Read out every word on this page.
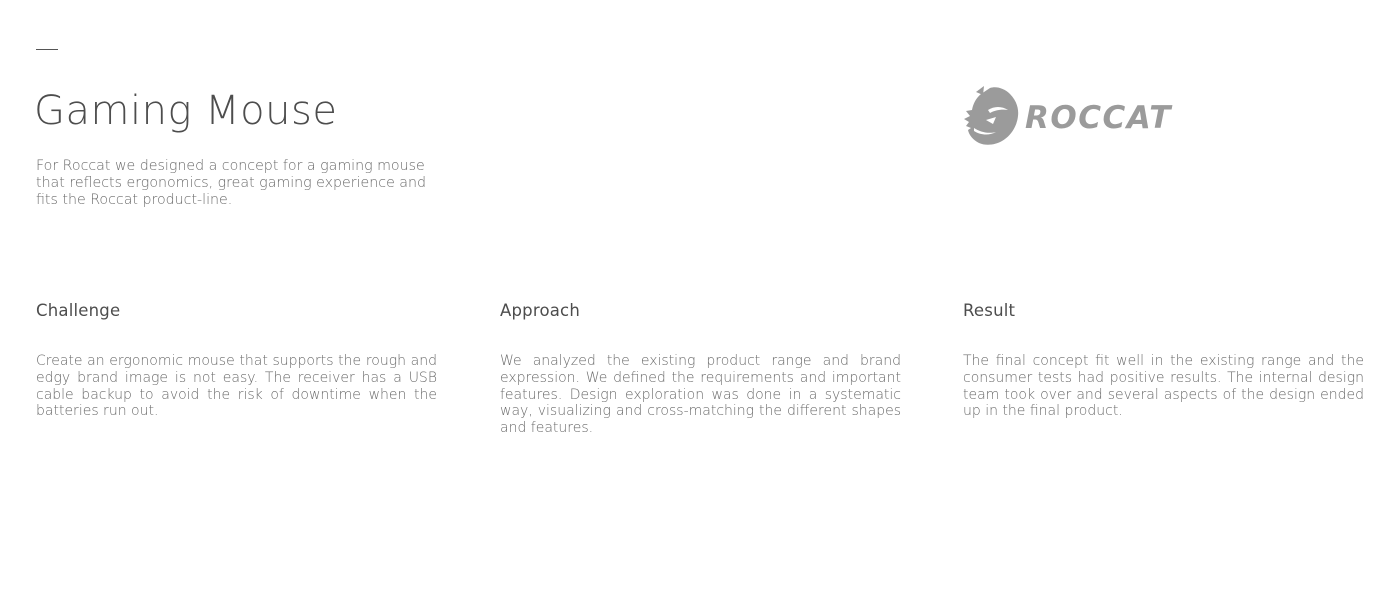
Gaming Mouse

For Roccat we designed a concept for a gaming mouse that reflects ergonomics, great gaming experience and fits the Roccat product-line.

ROCCAT
Challenge

Create an ergonomic mouse that supports the rough and edgy brand image is not easy. The receiver has a USB cable backup to avoid the risk of downtime when the batteries run out.

Approach

We analyzed the existing product range and brand expression. We defined the requirements and important features. Design exploration was done in a systematic way, visualizing and cross-matching the different shapes and features.

Result

The final concept fit well in the existing range and the consumer tests had positive results. The internal design team took over and several aspects of the design ended up in the final product.
